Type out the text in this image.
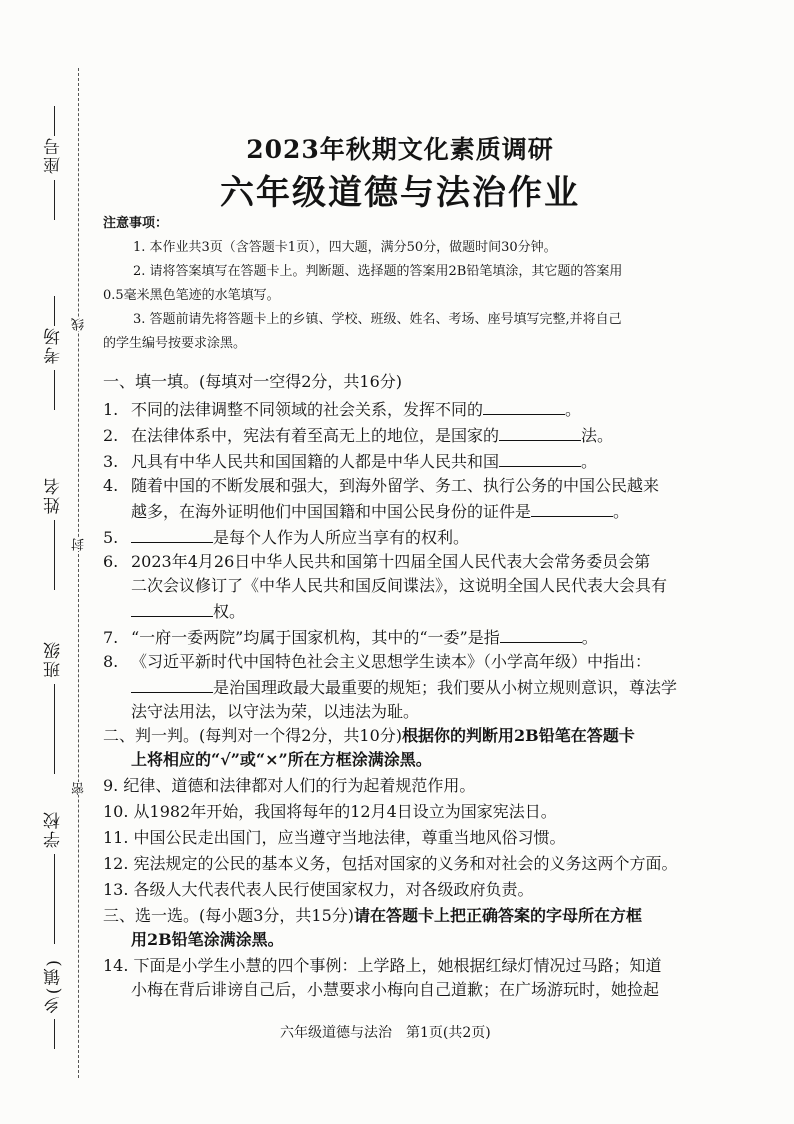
座号
考场
姓名
班级
学校
乡(镇)
线
封
密
2023年秋期文化素质调研
六年级道德与法治作业
注意事项：
1. 本作业共3页（含答题卡1页），四大题，满分50分，做题时间30分钟。
2. 请将答案填写在答题卡上。判断题、选择题的答案用2B铅笔填涂，其它题的答案用
0.5毫米黑色笔迹的水笔填写。
3. 答题前请先将答题卡上的乡镇、学校、班级、姓名、考场、座号填写完整,并将自己
的学生编号按要求涂黑。
一、填一填。(每填对一空得2分，共16分)
1. 不同的法律调整不同领域的社会关系，发挥不同的	。
2. 在法律体系中，宪法有着至高无上的地位，是国家的	法。
3. 凡具有中华人民共和国国籍的人都是中华人民共和国	。
4. 随着中国的不断发展和强大，到海外留学、务工、执行公务的中国公民越来
越多，在海外证明他们中国国籍和中国公民身份的证件是	。
5.	是每个人作为人所应当享有的权利。
6. 2023年4月26日中华人民共和国第十四届全国人民代表大会常务委员会第
二次会议修订了《中华人民共和国反间谍法》，这说明全国人民代表大会具有
权。
7. “一府一委两院”均属于国家机构，其中的“一委”是指	。
8. 《习近平新时代中国特色社会主义思想学生读本》（小学高年级）中指出：
是治国理政最大最重要的规矩；我们要从小树立规则意识，尊法学
法守法用法，以守法为荣，以违法为耻。
二、判一判。(每判对一个得2分，共10分)根据你的判断用2B铅笔在答题卡
上将相应的“√”或“×”所在方框涂满涂黑。
9. 纪律、道德和法律都对人们的行为起着规范作用。
10. 从1982年开始，我国将每年的12月4日设立为国家宪法日。
11. 中国公民走出国门，应当遵守当地法律，尊重当地风俗习惯。
12. 宪法规定的公民的基本义务，包括对国家的义务和对社会的义务这两个方面。
13. 各级人大代表代表人民行使国家权力，对各级政府负责。
三、选一选。(每小题3分，共15分)请在答题卡上把正确答案的字母所在方框
用2B铅笔涂满涂黑。
14. 下面是小学生小慧的四个事例：上学路上，她根据红绿灯情况过马路；知道
小梅在背后诽谤自己后，小慧要求小梅向自己道歉；在广场游玩时，她捡起
六年级道德与法治　第1页(共2页)
